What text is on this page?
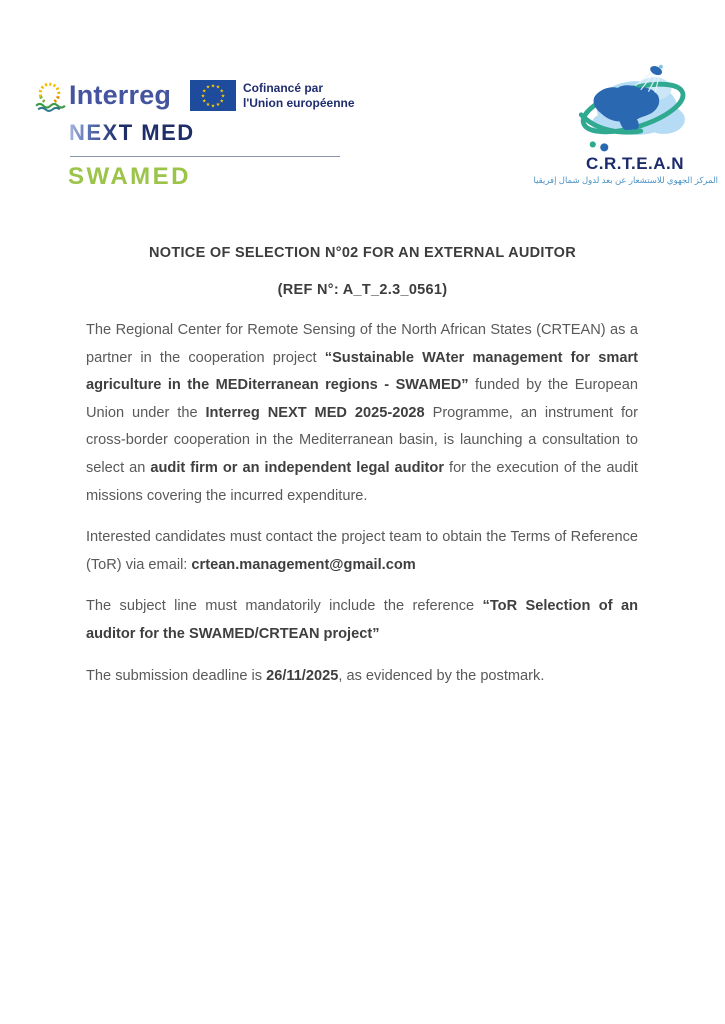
Interreg	★ ★
★
★
★
★
★
★
★
★
★
★	Cofinancé par
l'Union européenne
NEXT MED
SWAMED	C.R.T.E.A.N
المركز الجهوي للاستشعار عن بعد لدول شمال إفريقيا
NOTICE OF SELECTION N°02 FOR AN EXTERNAL AUDITOR
(REF N°: A_T_2.3_0561)

The Regional Center for Remote Sensing of the North African States (CRTEAN) as a partner in the cooperation project “Sustainable WAter management for smart agriculture in the MEDiterranean regions - SWAMED” funded by the European Union under the Interreg NEXT MED 2025-2028 Programme, an instrument for cross-border cooperation in the Mediterranean basin, is launching a consultation to select an audit firm or an independent legal auditor for the execution of the audit missions covering the incurred expenditure.

Interested candidates must contact the project team to obtain the Terms of Reference (ToR) via email: crtean.management@gmail.com

The subject line must mandatorily include the reference “ToR Selection of an auditor for the SWAMED/CRTEAN project”

The submission deadline is 26/11/2025, as evidenced by the postmark.
